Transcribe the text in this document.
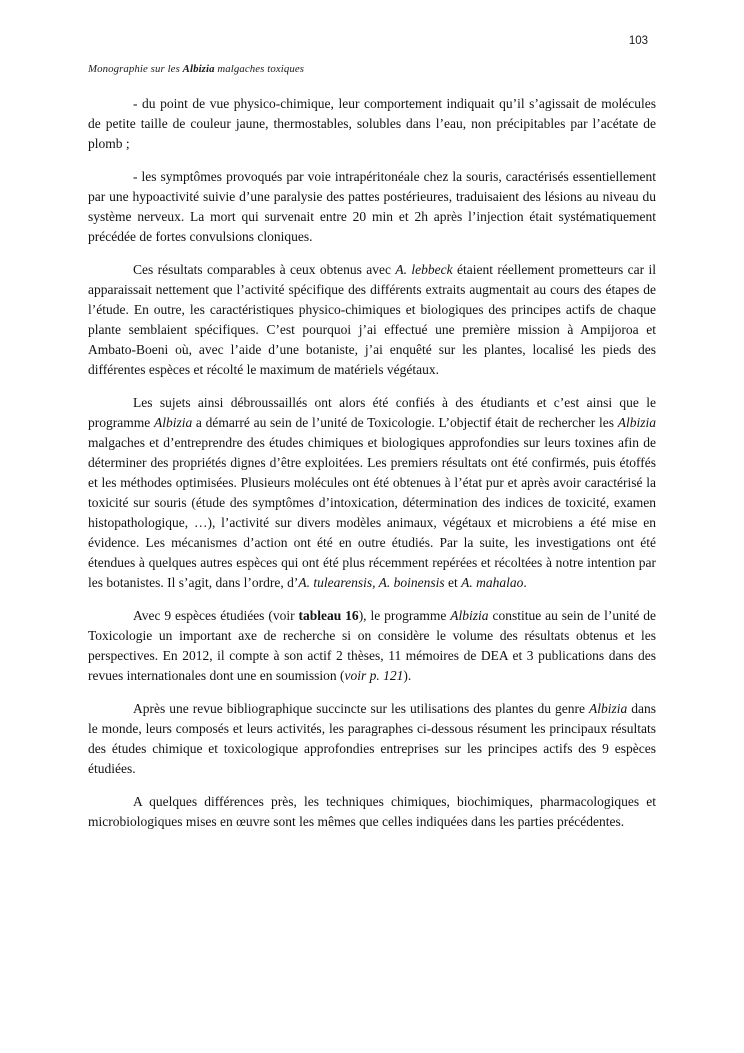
103
Monographie sur les Albizia malgaches toxiques

- du point de vue physico-chimique, leur comportement indiquait qu’il s’agissait de molécules de petite taille de couleur jaune, thermostables, solubles dans l’eau, non précipitables par l’acétate de plomb ;

- les symptômes provoqués par voie intrapéritonéale chez la souris, caractérisés essentiellement par une hypoactivité suivie d’une paralysie des pattes postérieures, traduisaient des lésions au niveau du système nerveux. La mort qui survenait entre 20 min et 2h après l’injection était systématiquement précédée de fortes convulsions cloniques.

Ces résultats comparables à ceux obtenus avec A. lebbeck étaient réellement prometteurs car il apparaissait nettement que l’activité spécifique des différents extraits augmentait au cours des étapes de l’étude. En outre, les caractéristiques physico-chimiques et biologiques des principes actifs de chaque plante semblaient spécifiques. C’est pourquoi j’ai effectué une première mission à Ampijoroa et Ambato-Boeni où, avec l’aide d’une botaniste, j’ai enquêté sur les plantes, localisé les pieds des différentes espèces et récolté le maximum de matériels végétaux.

Les sujets ainsi débroussaillés ont alors été confiés à des étudiants et c’est ainsi que le programme Albizia a démarré au sein de l’unité de Toxicologie. L’objectif était de rechercher les Albizia malgaches et d’entreprendre des études chimiques et biologiques approfondies sur leurs toxines afin de déterminer des propriétés dignes d’être exploitées. Les premiers résultats ont été confirmés, puis étoffés et les méthodes optimisées. Plusieurs molécules ont été obtenues à l’état pur et après avoir caractérisé la toxicité sur souris (étude des symptômes d’intoxication, détermination des indices de toxicité, examen histopathologique, …), l’activité sur divers modèles animaux, végétaux et microbiens a été mise en évidence. Les mécanismes d’action ont été en outre étudiés. Par la suite, les investigations ont été étendues à quelques autres espèces qui ont été plus récemment repérées et récoltées à notre intention par les botanistes. Il s’agit, dans l’ordre, d’A. tulearensis, A. boinensis et A. mahalao.

Avec 9 espèces étudiées (voir tableau 16), le programme Albizia constitue au sein de l’unité de Toxicologie un important axe de recherche si on considère le volume des résultats obtenus et les perspectives. En 2012, il compte à son actif 2 thèses, 11 mémoires de DEA et 3 publications dans des revues internationales dont une en soumission (voir p. 121).

Après une revue bibliographique succincte sur les utilisations des plantes du genre Albizia dans le monde, leurs composés et leurs activités, les paragraphes ci-dessous résument les principaux résultats des études chimique et toxicologique approfondies entreprises sur les principes actifs des 9 espèces étudiées.

A quelques différences près, les techniques chimiques, biochimiques, pharmacologiques et microbiologiques mises en œuvre sont les mêmes que celles indiquées dans les parties précédentes.
